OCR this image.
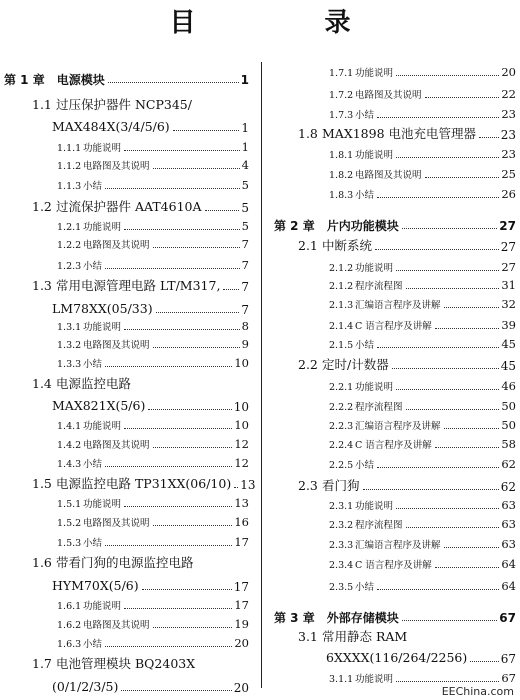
目 录
第 1 章 电源模块	1
1.1 过压保护器件 NCP345/
MAX484X(3/4/5/6)	1
1.1.1 功能说明	1
1.1.2 电路图及其说明	4
1.1.3 小结	5
1.2 过流保护器件 AAT4610A	5
1.2.1 功能说明	5
1.2.2 电路图及其说明	7
1.2.3 小结	7
1.3 常用电源管理电路 LT/M317, 7
LM78XX(05/33)	7
1.3.1 功能说明	8
1.3.2 电路图及其说明	9
1.3.3 小结	10
1.4 电源监控电路
MAX821X(5/6)	10
1.4.1 功能说明	10
1.4.2 电路图及其说明	12
1.4.3 小结	12
1.5 电源监控电路 TP31XX(06/10) 13
1.5.1 功能说明	13
1.5.2 电路图及其说明	16
1.5.3 小结	17
1.6 带看门狗的电源监控电路
HYM70X(5/6)	17
1.6.1 功能说明	17
1.6.2 电路图及其说明	19
1.6.3 小结	20
1.7 电池管理模块 BQ2403X
(0/1/2/3/5)	20
1.7.1 功能说明	20
1.7.2 电路图及其说明	22
1.7.3 小结	23
1.8 MAX1898 电池充电管理器 23
1.8.1 功能说明	23
1.8.2 电路图及其说明	25
1.8.3 小结	26
第 2 章 片内功能模块	27
2.1 中断系统	27
2.1.2 功能说明	27
2.1.2 程序流程图	31
2.1.3 汇编语言程序及讲解	32
2.1.4 C 语言程序及讲解	39
2.1.5 小结	45
2.2 定时/计数器	45
2.2.1 功能说明	46
2.2.2 程序流程图	50
2.2.3 汇编语言程序及讲解	50
2.2.4 C 语言程序及讲解	58
2.2.5 小结	62
2.3 看门狗	62
2.3.1 功能说明	63
2.3.2 程序流程图	63
2.3.3 汇编语言程序及讲解	63
2.3.4 C 语言程序及讲解	64
2.3.5 小结	64
第 3 章 外部存储模块	67
3.1 常用静态 RAM
6XXXX(116/264/2256)	67
3.1.1 功能说明	67
EEChina.com
